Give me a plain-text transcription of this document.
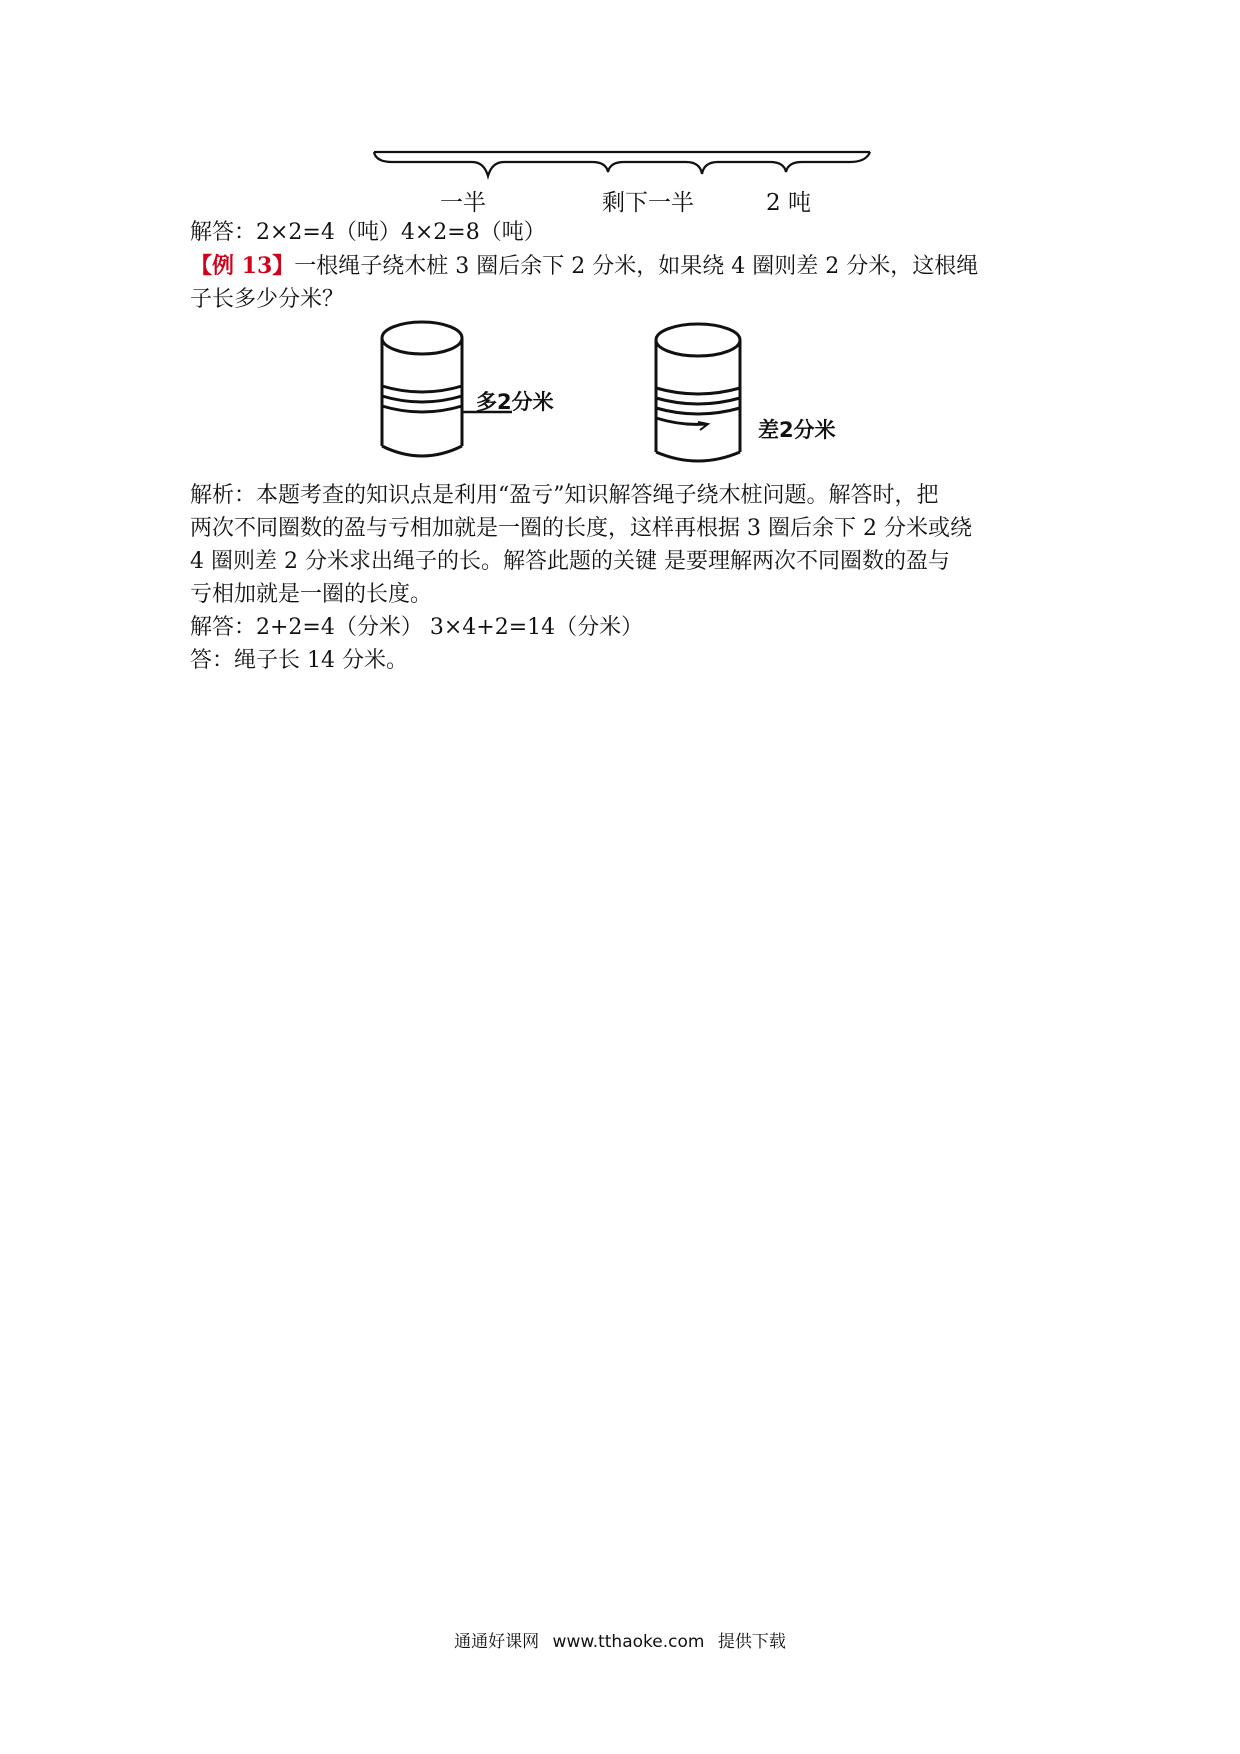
一半	剩下一半	2 吨
解答：2×2=4（吨）4×2=8（吨）
【例 13】一根绳子绕木桩 3 圈后余下 2 分米，如果绕 4 圈则差 2 分米，这根绳
子长多少分米？
多2分米
差2分米
解析：本题考查的知识点是利用“盈亏”知识解答绳子绕木桩问题。解答时，把
两次不同圈数的盈与亏相加就是一圈的长度，这样再根据 3 圈后余下 2 分米或绕
4 圈则差 2 分米求出绳子的长。解答此题的关键 是要理解两次不同圈数的盈与
亏相加就是一圈的长度。
解答：2+2=4（分米） 3×4+2=14（分米）
答：绳子长 14 分米。
通通好课网 www.tthaoke.com 提供下载
